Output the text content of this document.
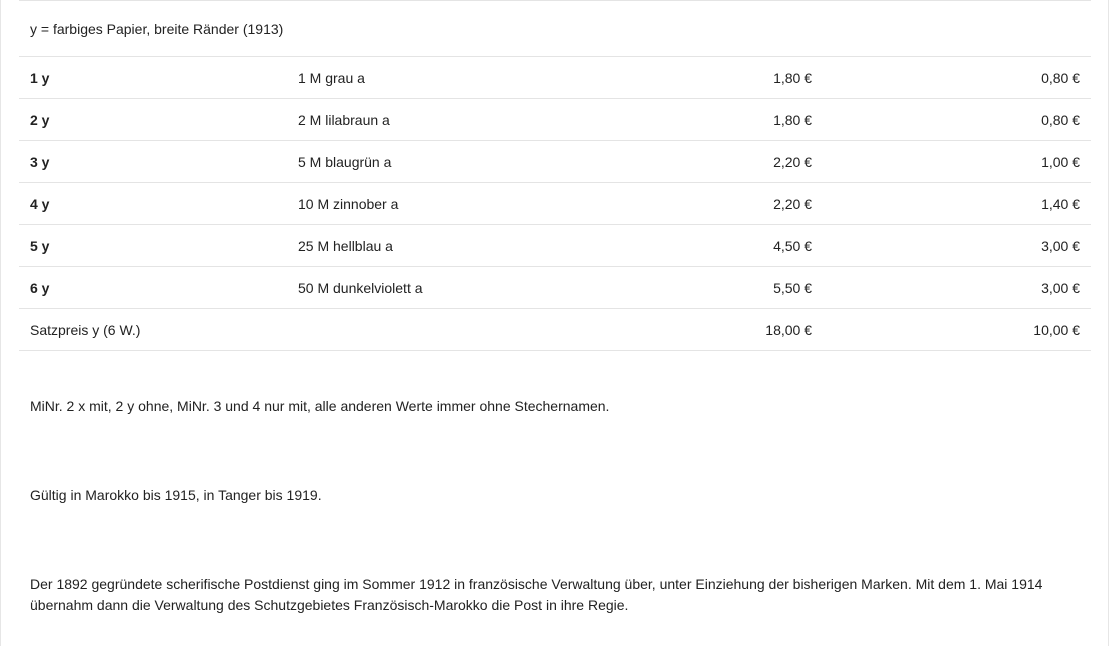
y = farbiges Papier, breite Ränder (1913)			
1 y	1 M grau a	1,80 €	0,80 €
2 y	2 M lilabraun a	1,80 €	0,80 €
3 y	5 M blaugrün a	2,20 €	1,00 €
4 y	10 M zinnober a	2,20 €	1,40 €
5 y	25 M hellblau a	4,50 €	3,00 €
6 y	50 M dunkelviolett a	5,50 €	3,00 €
Satzpreis y (6 W.)		18,00 €	10,00 €

MiNr. 2 x mit, 2 y ohne, MiNr. 3 und 4 nur mit, alle anderen Werte immer ohne Stechernamen.

Gültig in Marokko bis 1915, in Tanger bis 1919.

Der 1892 gegründete scherifische Postdienst ging im Sommer 1912 in französische Verwaltung über, unter Einziehung der bisherigen Marken. Mit dem 1. Mai 1914 übernahm dann die Verwaltung des Schutzgebietes Französisch-Marokko die Post in ihre Regie.
